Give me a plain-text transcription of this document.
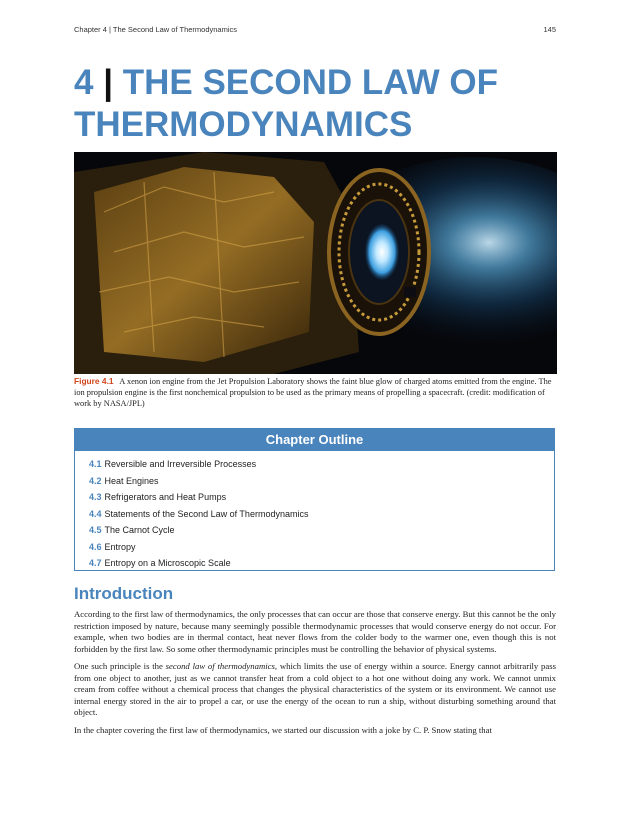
Chapter 4 | The Second Law of Thermodynamics	145
4 | THE SECOND LAW OF
THERMODYNAMICS
Figure 4.1 A xenon ion engine from the Jet Propulsion Laboratory shows the faint blue glow of charged atoms emitted from the engine. The ion propulsion engine is the first nonchemical propulsion to be used as the primary means of propelling a spacecraft. (credit: modification of work by NASA/JPL)
Chapter Outline
4.1 Reversible and Irreversible Processes
4.2 Heat Engines
4.3 Refrigerators and Heat Pumps
4.4 Statements of the Second Law of Thermodynamics
4.5 The Carnot Cycle
4.6 Entropy
4.7 Entropy on a Microscopic Scale
Introduction

According to the first law of thermodynamics, the only processes that can occur are those that conserve energy. But this cannot be the only restriction imposed by nature, because many seemingly possible thermodynamic processes that would conserve energy do not occur. For example, when two bodies are in thermal contact, heat never flows from the colder body to the warmer one, even though this is not forbidden by the first law. So some other thermodynamic principles must be controlling the behavior of physical systems.

One such principle is the second law of thermodynamics, which limits the use of energy within a source. Energy cannot arbitrarily pass from one object to another, just as we cannot transfer heat from a cold object to a hot one without doing any work. We cannot unmix cream from coffee without a chemical process that changes the physical characteristics of the system or its environment. We cannot use internal energy stored in the air to propel a car, or use the energy of the ocean to run a ship, without disturbing something around that object.

In the chapter covering the first law of thermodynamics, we started our discussion with a joke by C. P. Snow stating that
